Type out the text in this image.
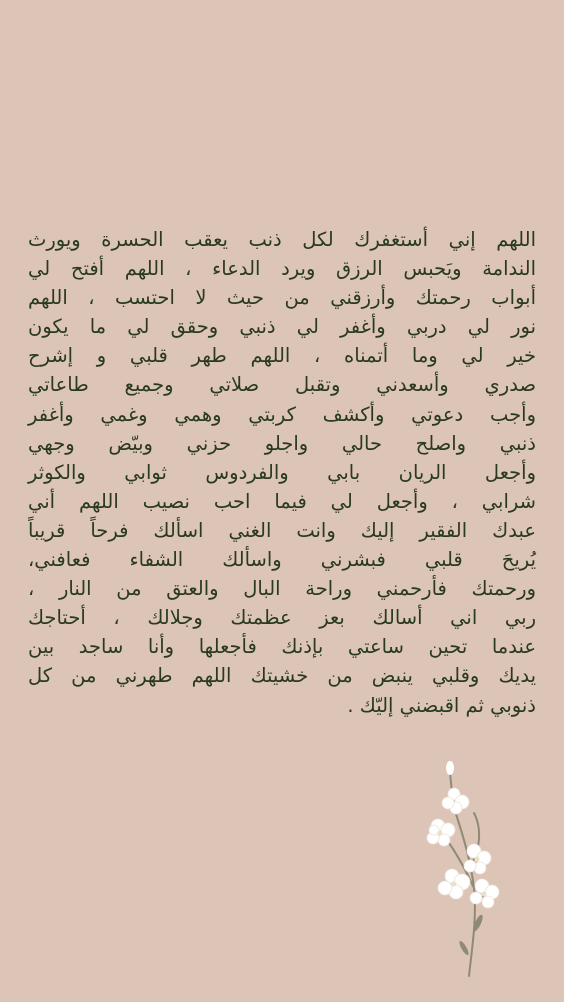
اللهم إني أستغفرك لكل ذنب يعقب الحسرة ويورث
الندامة ويَحبس الرزق ويرد الدعاء ، اللهم أفتح لي
أبواب رحمتك وأرزقني من حيث لا احتسب ، اللهم
نور لي دربي وأغفر لي ذنبي وحقق لي ما يكون
خير لي وما أتمناه ، اللهم طهر قلبي و إشرح
صدري وأسعدني وتقبل صلاتي وجميع طاعاتي
وأجب دعوتي وأكشف كربتي وهمي وغمي وأغفر
ذنبي واصلح حالي واجلو حزني وبيّض وجهي
وأجعل الريان بابي والفردوس ثوابي والكوثر
شرابي ، وأجعل لي فيما احب نصيب اللهم أني
عبدك الفقير إليك وانت الغني اسألك فرحاً قريباً
يُريحَ قلبي فبشرني واسألك الشفاء فعافني،
ورحمتك فأرحمني وراحة البال والعتق من النار ،
ربي اني أسالك بعز عظمتك وجلالك ، أحتاجك
عندما تحين ساعتي بإذنك فأجعلها وأنا ساجد بين
يديك وقلبي ينبض من خشيتك اللهم طهرني من كل
ذنوبي ثم اقبضني إليّك .
